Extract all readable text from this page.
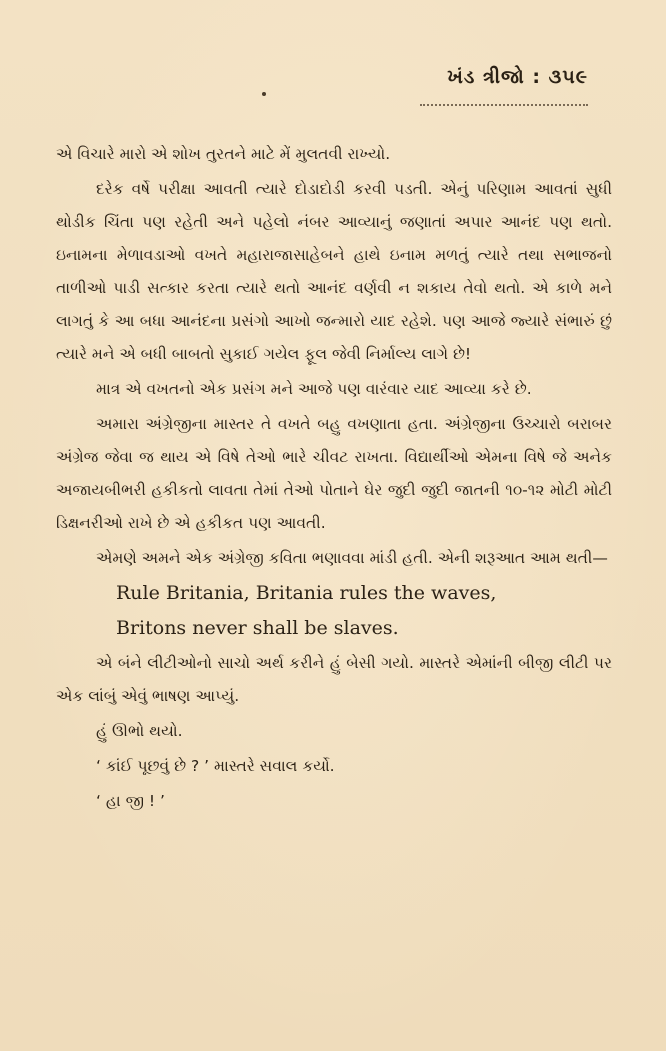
ખંડ ત્રીજો : ૩૫૯

એ વિચારે મારો એ શોખ તુરતને માટે મેં મુલતવી રાખ્યો.

દરેક વર્ષે પરીક્ષા આવતી ત્યારે દોડાદોડી કરવી પડતી. એનું પરિણામ આવતાં સુધી થોડીક ચિંતા પણ રહેતી અને પહેલો નંબર આવ્યાનું જણાતાં અપાર આનંદ પણ થતો. ઇનામના મેળાવડાઓ વખતે મહારાજાસાહેબને હાથે ઇનામ મળતું ત્યારે તથા સભાજનો તાળીઓ પાડી સત્કાર કરતા ત્યારે થતો આનંદ વર્ણવી ન શકાય તેવો થતો. એ કાળે મને લાગતું કે આ બધા આનંદના પ્રસંગો આખો જન્મારો યાદ રહેશે. પણ આજે જ્યારે સંભારું છું ત્યારે મને એ બધી બાબતો સુકાઈ ગયેલ ફૂલ જેવી નિર્માલ્ય લાગે છે!

માત્ર એ વખતનો એક પ્રસંગ મને આજે પણ વારંવાર યાદ આવ્યા કરે છે.

અમારા અંગ્રેજીના માસ્તર તે વખતે બહુ વખણાતા હતા. અંગ્રેજીના ઉચ્ચારો બરાબર અંગ્રેજ જેવા જ થાય એ વિષે તેઓ ભારે ચીવટ રાખતા. વિદ્યાર્થીઓ એમના વિષે જે અનેક અજાયબીભરી હકીકતો લાવતા તેમાં તેઓ પોતાને ઘેર જુદી જુદી જાતની ૧૦-૧૨ મોટી મોટી ડિક્ષનરીઓ રાખે છે એ હકીકત પણ આવતી.

એમણે અમને એક અંગ્રેજી કવિતા ભણાવવા માંડી હતી. એની શરૂઆત આમ થતી—

Rule Britania, Britania rules the waves,
Britons never shall be slaves.

એ બંને લીટીઓનો સાચો અર્થ કરીને હું બેસી ગયો. માસ્તરે એમાંની બીજી લીટી પર એક લાંબું એવું ભાષણ આપ્યું.

હું ઊભો થયો.

‘ કાંઈ પૂછવું છે ? ’ માસ્તરે સવાલ કર્યો.

‘ હા જી ! ’
